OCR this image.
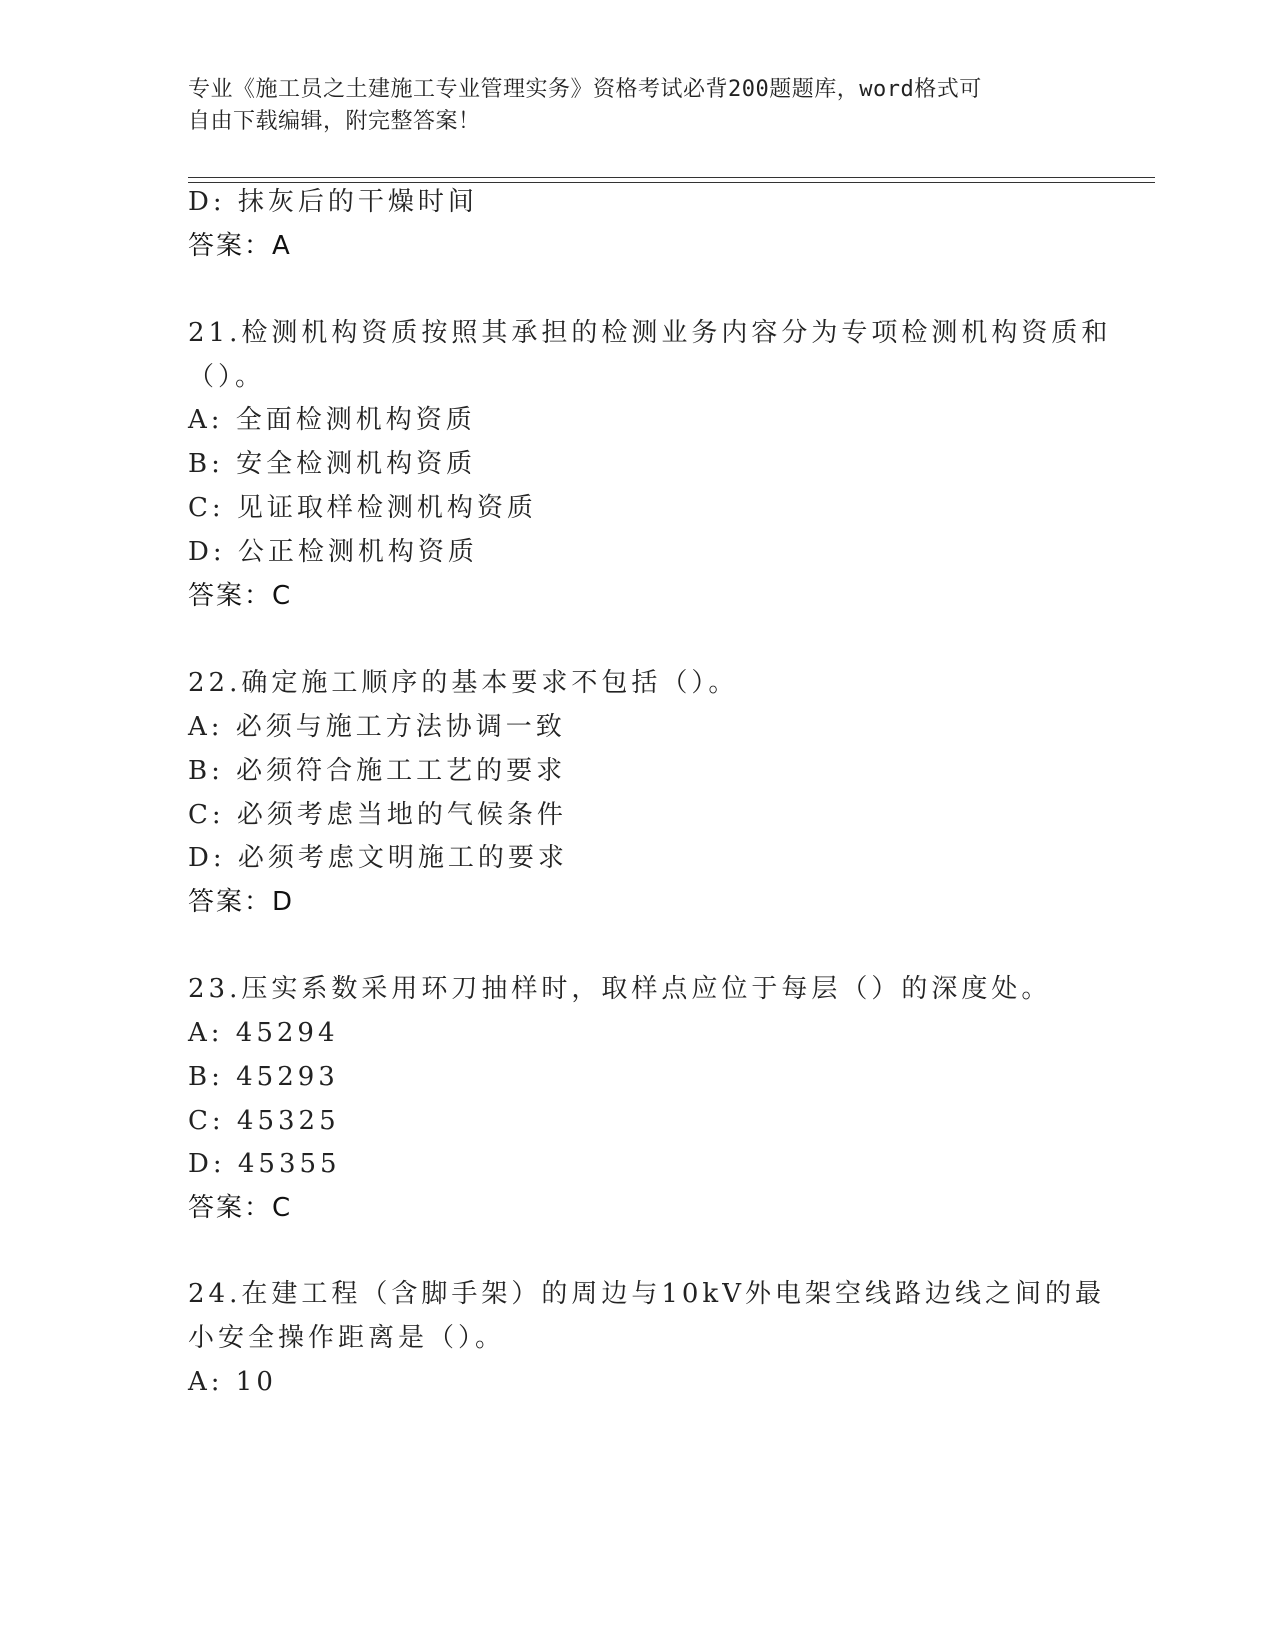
专业《施工员之土建施工专业管理实务》资格考试必背200题题库，word格式可
自由下载编辑，附完整答案！
D: 抹灰后的干燥时间
答案：A
21.检测机构资质按照其承担的检测业务内容分为专项检测机构资质和
（）。
A: 全面检测机构资质
B: 安全检测机构资质
C: 见证取样检测机构资质
D: 公正检测机构资质
答案：C
22.确定施工顺序的基本要求不包括（）。
A: 必须与施工方法协调一致
B: 必须符合施工工艺的要求
C: 必须考虑当地的气候条件
D: 必须考虑文明施工的要求
答案：D
23.压实系数采用环刀抽样时，取样点应位于每层（）的深度处。
A: 45294
B: 45293
C: 45325
D: 45355
答案：C
24.在建工程（含脚手架）的周边与10kV外电架空线路边线之间的最
小安全操作距离是（）。
A: 10
